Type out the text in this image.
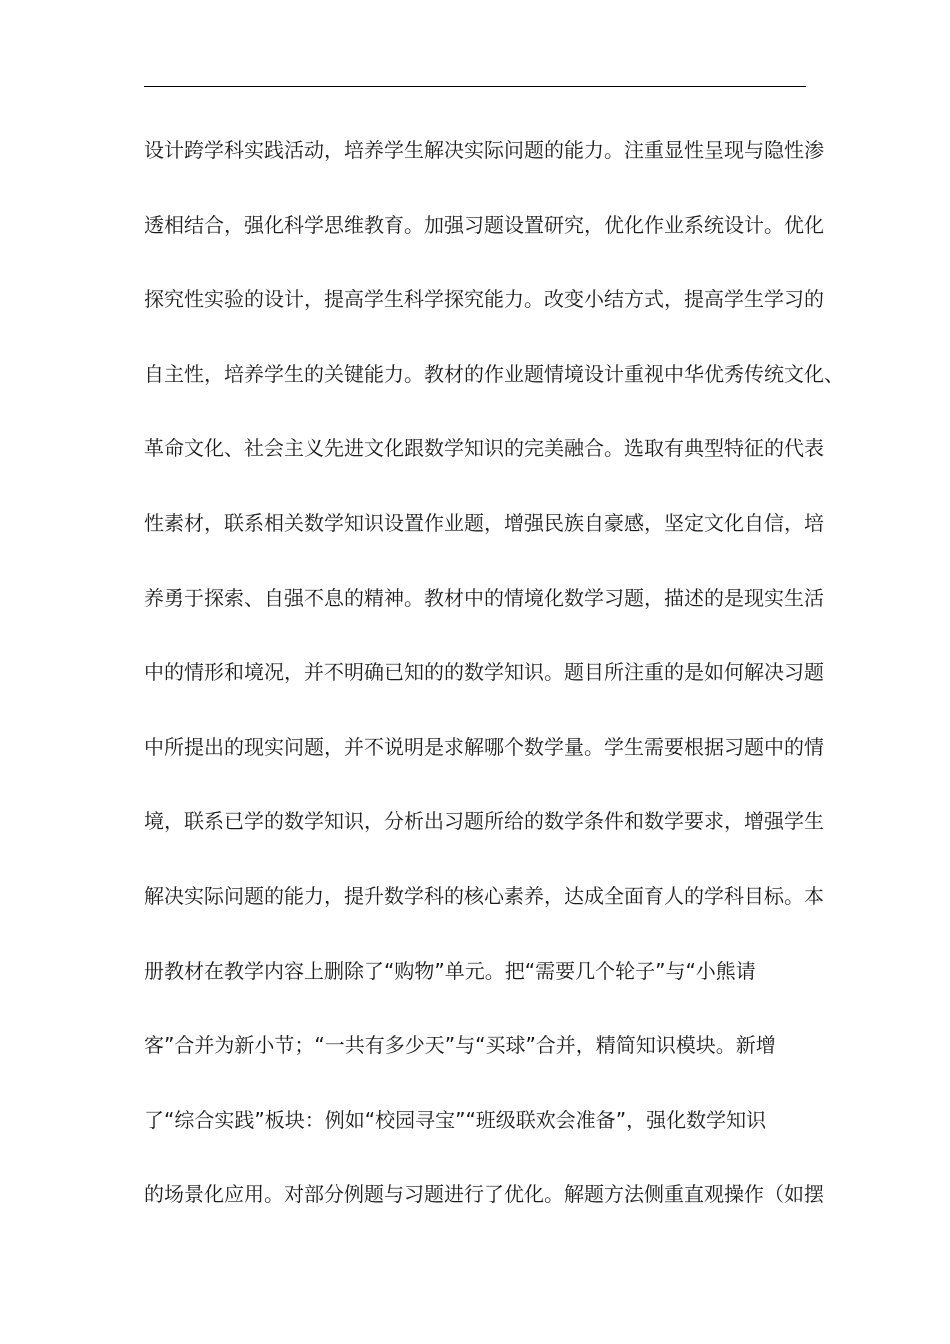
设计跨学科实践活动，培养学生解决实际问题的能力。注重显性呈现与隐性渗
透相结合，强化科学思维教育。加强习题设置研究，优化作业系统设计。优化
探究性实验的设计，提高学生科学探究能力。改变小结方式，提高学生学习的
自主性，培养学生的关键能力。教材的作业题情境设计重视中华优秀传统文化、
革命文化、社会主义先进文化跟数学知识的完美融合。选取有典型特征的代表
性素材，联系相关数学知识设置作业题，增强民族自豪感，坚定文化自信，培
养勇于探索、自强不息的精神。教材中的情境化数学习题，描述的是现实生活
中的情形和境况，并不明确已知的的数学知识。题目所注重的是如何解决习题
中所提出的现实问题，并不说明是求解哪个数学量。学生需要根据习题中的情
境，联系已学的数学知识，分析出习题所给的数学条件和数学要求，增强学生
解决实际问题的能力，提升数学科的核心素养，达成全面育人的学科目标。本
册教材在教学内容上删除了“购物”单元。把“需要几个轮子”与“小熊请
客”合并为新小节；“一共有多少天”与“买球”合并，精简知识模块。新增
了“综合实践”板块：例如“校园寻宝”“班级联欢会准备”，强化数学知识
的场景化应用。对部分例题与习题进行了优化。解题方法侧重直观操作（如摆
